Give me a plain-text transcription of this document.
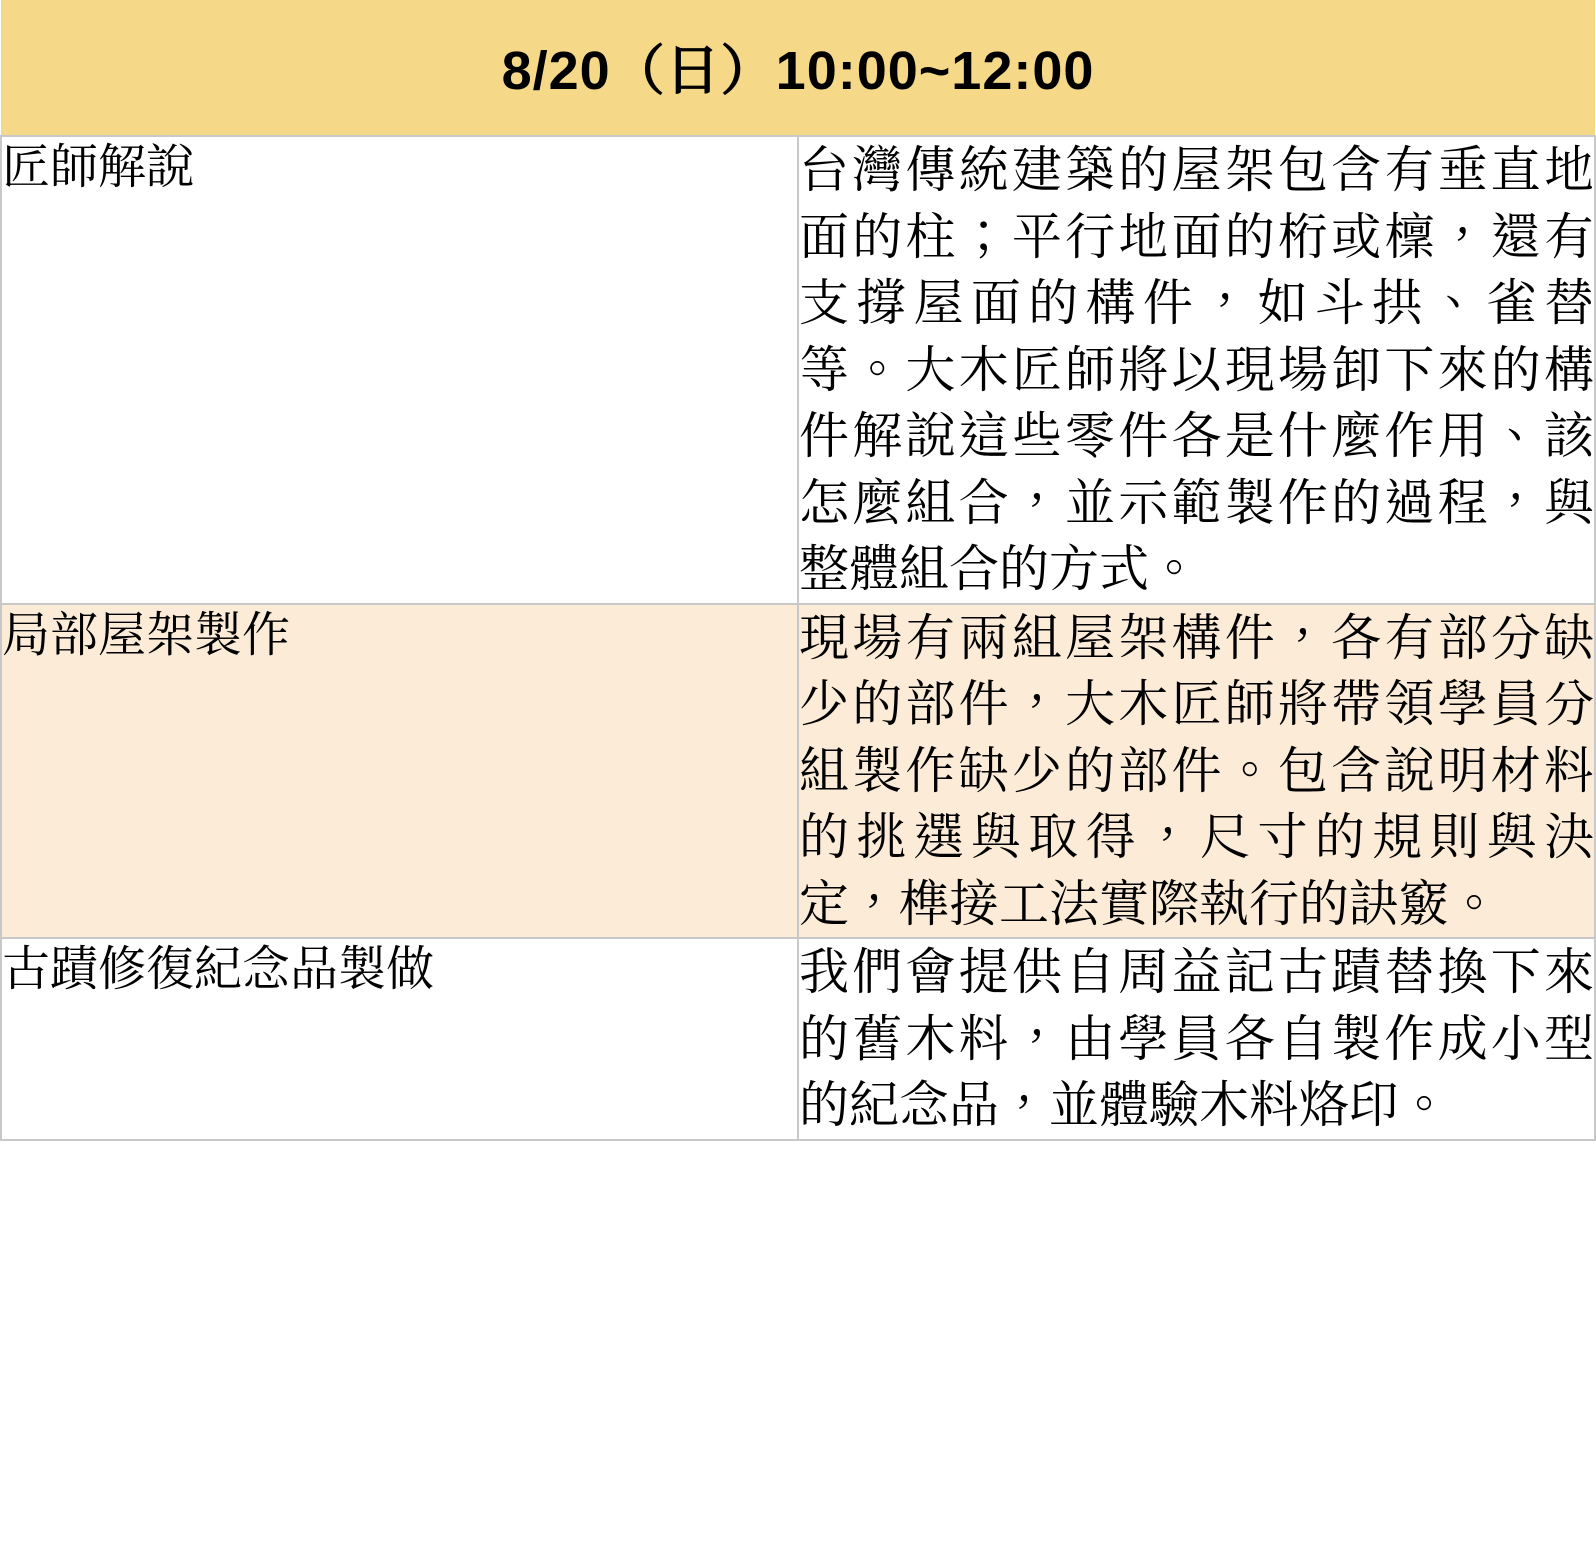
8/20（日）10:00~12:00	
匠師解說	台灣傳統建築的屋架包含有垂直地面的柱；平行地面的桁或檁，還有支撐屋面的構件，如斗拱、雀替等。大木匠師將以現場卸下來的構件解說這些零件各是什麼作用、該怎麼組合，並示範製作的過程，與整體組合的方式。
局部屋架製作	現場有兩組屋架構件，各有部分缺少的部件，大木匠師將帶領學員分組製作缺少的部件。包含說明材料的挑選與取得，尺寸的規則與決定，榫接工法實際執行的訣竅。
古蹟修復紀念品製做	我們會提供自周益記古蹟替換下來的舊木料，由學員各自製作成小型的紀念品，並體驗木料烙印。
